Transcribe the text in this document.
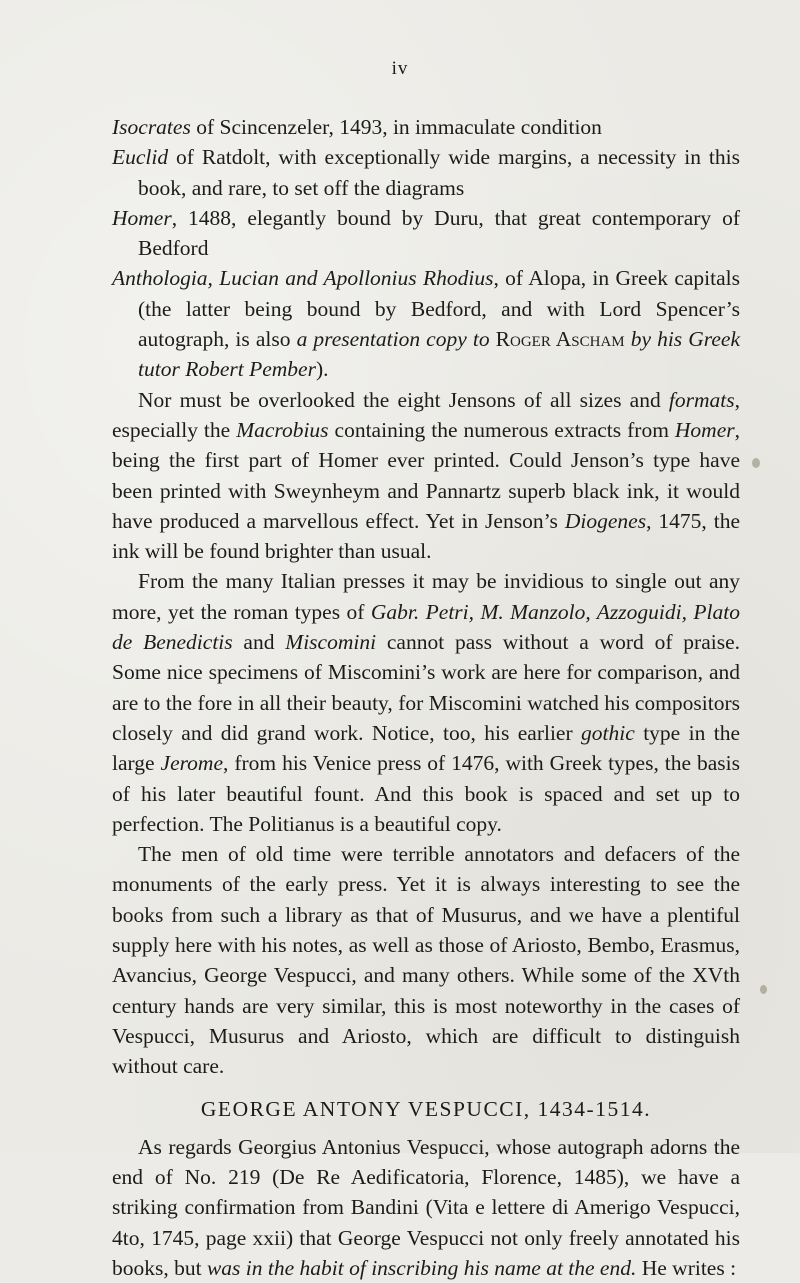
iv

Isocrates of Scincenzeler, 1493, in immaculate condition

Euclid of Ratdolt, with exceptionally wide margins, a necessity in this book, and rare, to set off the diagrams

Homer, 1488, elegantly bound by Duru, that great contemporary of Bedford

Anthologia, Lucian and Apollonius Rhodius, of Alopa, in Greek capitals (the latter being bound by Bedford, and with Lord Spencer’s autograph, is also a presentation copy to Roger Ascham by his Greek tutor Robert Pember).

Nor must be overlooked the eight Jensons of all sizes and formats, especially the Macrobius containing the numerous extracts from Homer, being the first part of Homer ever printed. Could Jenson’s type have been printed with Sweynheym and Pannartz superb black ink, it would have produced a marvellous effect. Yet in Jenson’s Diogenes, 1475, the ink will be found brighter than usual.

From the many Italian presses it may be invidious to single out any more, yet the roman types of Gabr. Petri, M. Manzolo, Azzoguidi, Plato de Benedictis and Miscomini cannot pass without a word of praise. Some nice specimens of Miscomini’s work are here for comparison, and are to the fore in all their beauty, for Miscomini watched his compositors closely and did grand work. Notice, too, his earlier gothic type in the large Jerome, from his Venice press of 1476, with Greek types, the basis of his later beautiful fount. And this book is spaced and set up to perfection. The Politianus is a beautiful copy.

The men of old time were terrible annotators and defacers of the monuments of the early press. Yet it is always interesting to see the books from such a library as that of Musurus, and we have a plentiful supply here with his notes, as well as those of Ariosto, Bembo, Erasmus, Avancius, George Vespucci, and many others. While some of the XVth century hands are very similar, this is most noteworthy in the cases of Vespucci, Musurus and Ariosto, which are difficult to distinguish without care.

GEORGE ANTONY VESPUCCI, 1434-1514.

As regards Georgius Antonius Vespucci, whose autograph adorns the end of No. 219 (De Re Aedificatoria, Florence, 1485), we have a striking confirmation from Bandini (Vita e lettere di Amerigo Vespucci, 4to, 1745, page xxii) that George Vespucci not only freely annotated his books, but was in the habit of inscribing his name at the end. He writes :
